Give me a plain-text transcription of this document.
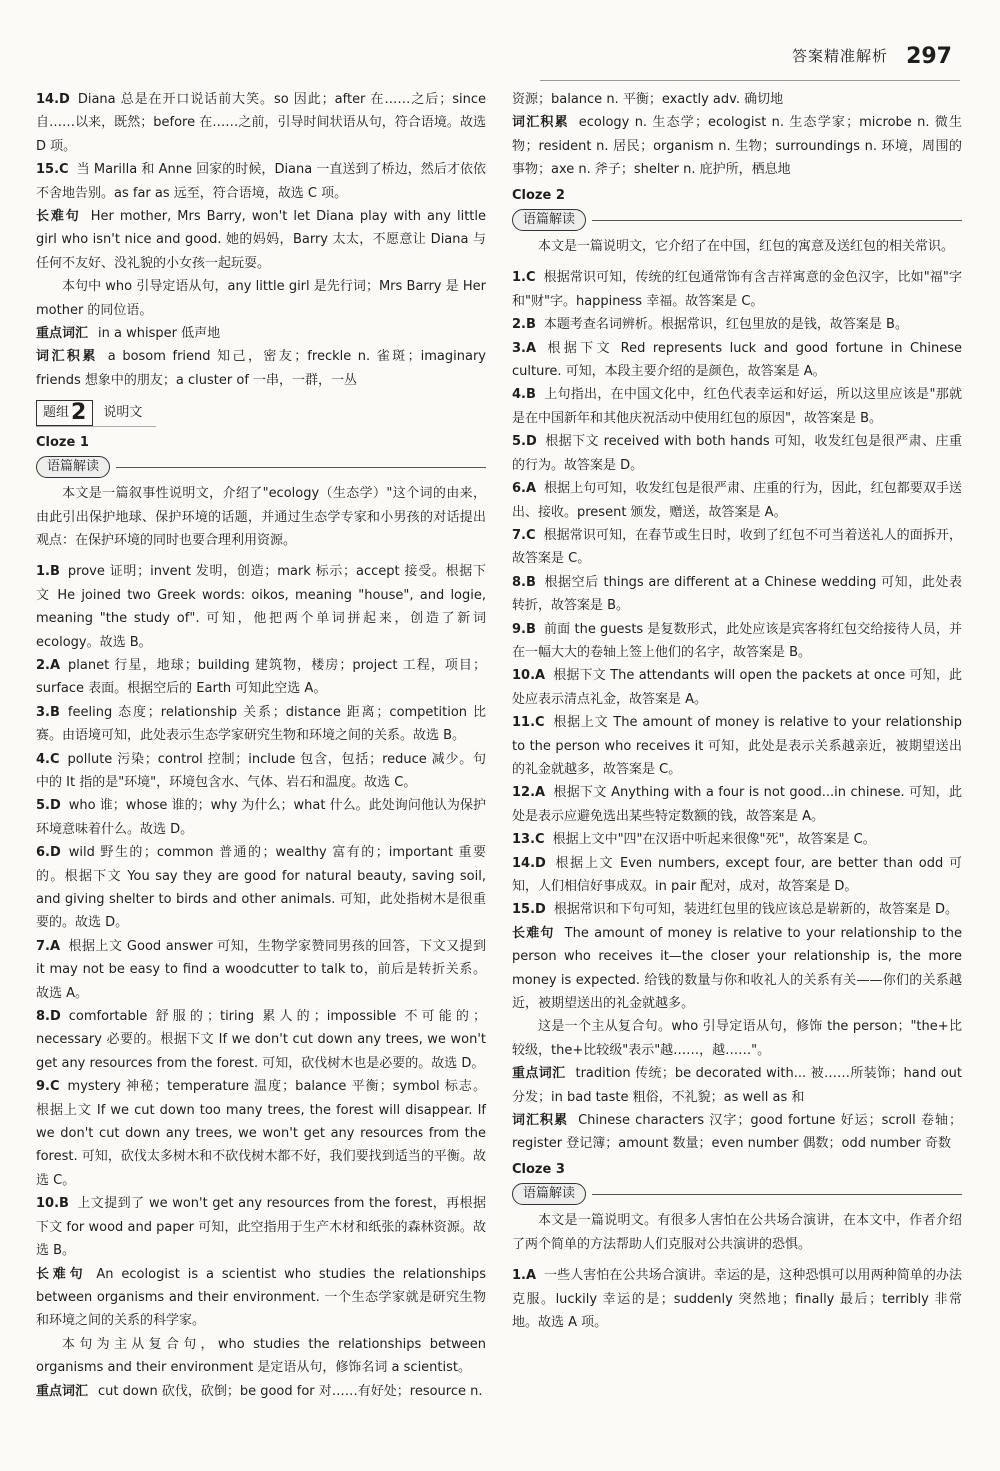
答案精准解析 297

14.D Diana 总是在开口说话前大笑。so 因此；after 在……之后；since 自……以来，既然；before 在……之前，引导时间状语从句，符合语境。故选 D 项。

15.C 当 Marilla 和 Anne 回家的时候，Diana 一直送到了桥边，然后才依依不舍地告别。as far as 远至，符合语境，故选 C 项。

长难句 Her mother, Mrs Barry, won't let Diana play with any little girl who isn't nice and good. 她的妈妈，Barry 太太，不愿意让 Diana 与任何不友好、没礼貌的小女孩一起玩耍。

本句中 who 引导定语从句，any little girl 是先行词；Mrs Barry 是 Her mother 的同位语。

重点词汇 in a whisper 低声地

词汇积累 a bosom friend 知己，密友；freckle n. 雀斑；imaginary friends 想象中的朋友；a cluster of 一串，一群，一丛

题组 2 说明文
Cloze 1
语篇解读

本文是一篇叙事性说明文，介绍了"ecology（生态学）"这个词的由来，由此引出保护地球、保护环境的话题，并通过生态学专家和小男孩的对话提出观点：在保护环境的同时也要合理利用资源。

1.B prove 证明；invent 发明，创造；mark 标示；accept 接受。根据下文 He joined two Greek words: oikos, meaning "house", and logie, meaning "the study of". 可知，他把两个单词拼起来，创造了新词 ecology。故选 B。

2.A planet 行星，地球；building 建筑物，楼房；project 工程，项目；surface 表面。根据空后的 Earth 可知此空选 A。

3.B feeling 态度；relationship 关系；distance 距离；competition 比赛。由语境可知，此处表示生态学家研究生物和环境之间的关系。故选 B。

4.C pollute 污染；control 控制；include 包含，包括；reduce 减少。句中的 It 指的是"环境"，环境包含水、气体、岩石和温度。故选 C。

5.D who 谁；whose 谁的；why 为什么；what 什么。此处询问他认为保护环境意味着什么。故选 D。

6.D wild 野生的；common 普通的；wealthy 富有的；important 重要的。根据下文 You say they are good for natural beauty, saving soil, and giving shelter to birds and other animals. 可知，此处指树木是很重要的。故选 D。

7.A 根据上文 Good answer 可知，生物学家赞同男孩的回答，下文又提到 it may not be easy to find a woodcutter to talk to，前后是转折关系。故选 A。

8.D comfortable 舒服的；tiring 累人的；impossible 不可能的；necessary 必要的。根据下文 If we don't cut down any trees, we won't get any resources from the forest. 可知，砍伐树木也是必要的。故选 D。

9.C mystery 神秘；temperature 温度；balance 平衡；symbol 标志。根据上文 If we cut down too many trees, the forest will disappear. If we don't cut down any trees, we won't get any resources from the forest. 可知，砍伐太多树木和不砍伐树木都不好，我们要找到适当的平衡。故选 C。

10.B 上文提到了 we won't get any resources from the forest，再根据下文 for wood and paper 可知，此空指用于生产木材和纸张的森林资源。故选 B。

长难句 An ecologist is a scientist who studies the relationships between organisms and their environment. 一个生态学家就是研究生物和环境之间的关系的科学家。

本句为主从复合句，who studies the relationships between organisms and their environment 是定语从句，修饰名词 a scientist。

重点词汇 cut down 砍伐，砍倒；be good for 对……有好处；resource n.

资源；balance n. 平衡；exactly adv. 确切地

词汇积累 ecology n. 生态学；ecologist n. 生态学家；microbe n. 微生物；resident n. 居民；organism n. 生物；surroundings n. 环境，周围的事物；axe n. 斧子；shelter n. 庇护所，栖息地

Cloze 2
语篇解读

本文是一篇说明文，它介绍了在中国，红包的寓意及送红包的相关常识。

1.C 根据常识可知，传统的红包通常饰有含吉祥寓意的金色汉字，比如"福"字和"财"字。happiness 幸福。故答案是 C。

2.B 本题考查名词辨析。根据常识，红包里放的是钱，故答案是 B。

3.A 根据下文 Red represents luck and good fortune in Chinese culture. 可知，本段主要介绍的是颜色，故答案是 A。

4.B 上句指出，在中国文化中，红色代表幸运和好运，所以这里应该是"那就是在中国新年和其他庆祝活动中使用红包的原因"，故答案是 B。

5.D 根据下文 received with both hands 可知，收发红包是很严肃、庄重的行为。故答案是 D。

6.A 根据上句可知，收发红包是很严肃、庄重的行为，因此，红包都要双手送出、接收。present 颁发，赠送，故答案是 A。

7.C 根据常识可知，在春节或生日时，收到了红包不可当着送礼人的面拆开，故答案是 C。

8.B 根据空后 things are different at a Chinese wedding 可知，此处表转折，故答案是 B。

9.B 前面 the guests 是复数形式，此处应该是宾客将红包交给接待人员，并在一幅大大的卷轴上签上他们的名字，故答案是 B。

10.A 根据下文 The attendants will open the packets at once 可知，此处应表示清点礼金，故答案是 A。

11.C 根据上文 The amount of money is relative to your relationship to the person who receives it 可知，此处是表示关系越亲近，被期望送出的礼金就越多，故答案是 C。

12.A 根据下文 Anything with a four is not good...in chinese. 可知，此处是表示应避免选出某些特定数额的钱，故答案是 A。

13.C 根据上文中"四"在汉语中听起来很像"死"，故答案是 C。

14.D 根据上文 Even numbers, except four, are better than odd 可知，人们相信好事成双。in pair 配对，成对，故答案是 D。

15.D 根据常识和下句可知，装进红包里的钱应该总是崭新的，故答案是 D。

长难句 The amount of money is relative to your relationship to the person who receives it—the closer your relationship is, the more money is expected. 给钱的数量与你和收礼人的关系有关——你们的关系越近，被期望送出的礼金就越多。

这是一个主从复合句。who 引导定语从句，修饰 the person；"the+比较级，the+比较级"表示"越……，越……"。

重点词汇 tradition 传统；be decorated with... 被……所装饰；hand out 分发；in bad taste 粗俗，不礼貌；as well as 和

词汇积累 Chinese characters 汉字；good fortune 好运；scroll 卷轴；register 登记簿；amount 数量；even number 偶数；odd number 奇数

Cloze 3
语篇解读

本文是一篇说明文。有很多人害怕在公共场合演讲，在本文中，作者介绍了两个简单的方法帮助人们克服对公共演讲的恐惧。

1.A 一些人害怕在公共场合演讲。幸运的是，这种恐惧可以用两种简单的办法克服。luckily 幸运的是；suddenly 突然地；finally 最后；terribly 非常地。故选 A 项。
